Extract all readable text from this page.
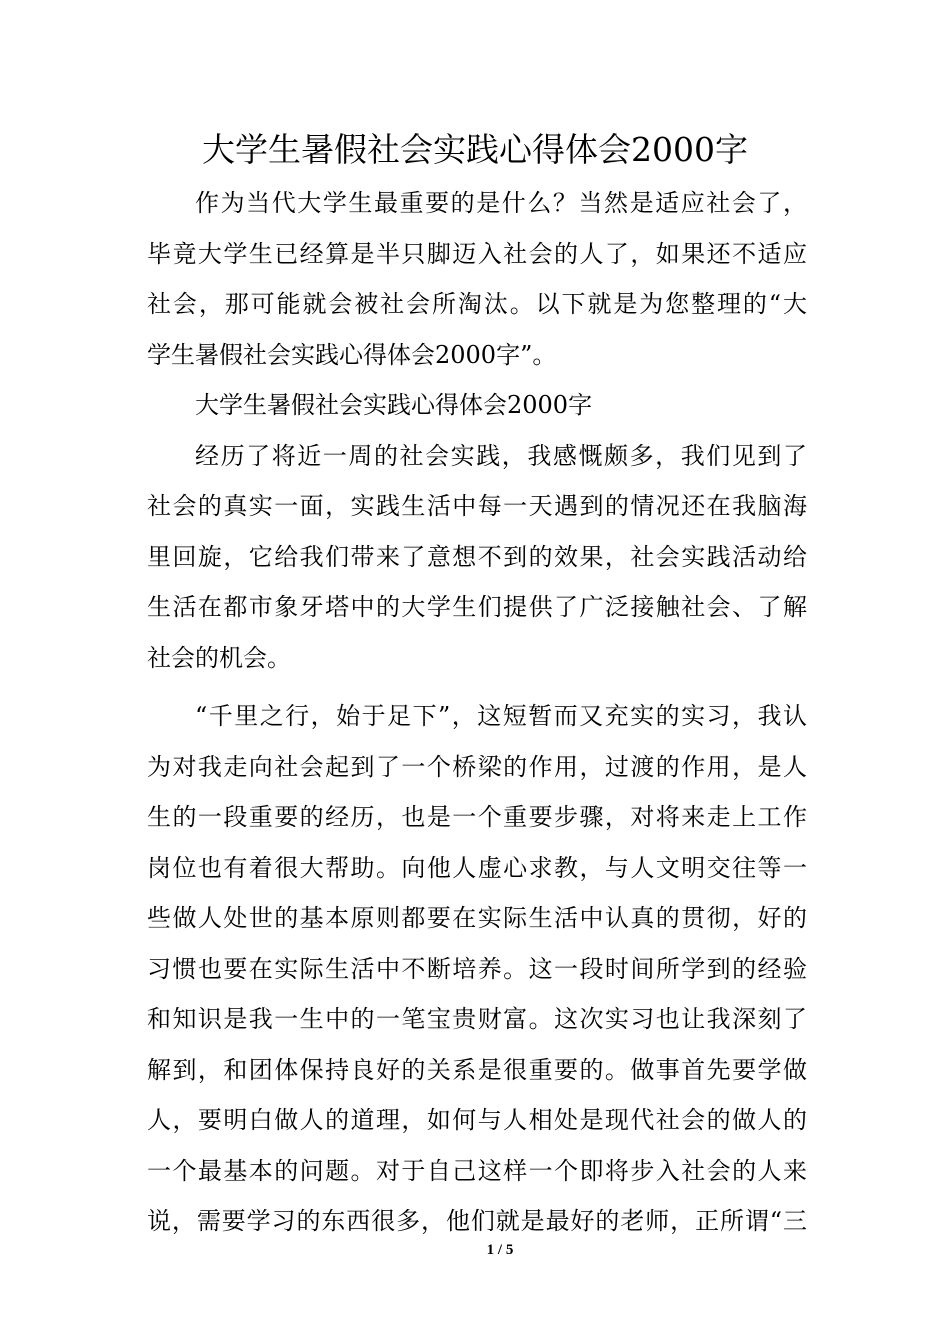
大学生暑假社会实践心得体会2000字
作为当代大学生最重要的是什么？当然是适应社会了，
毕竟大学生已经算是半只脚迈入社会的人了，如果还不适应
社会，那可能就会被社会所淘汰。以下就是为您整理的“大
学生暑假社会实践心得体会2000字”。
大学生暑假社会实践心得体会2000字
经历了将近一周的社会实践，我感慨颇多，我们见到了
社会的真实一面，实践生活中每一天遇到的情况还在我脑海
里回旋，它给我们带来了意想不到的效果，社会实践活动给
生活在都市象牙塔中的大学生们提供了广泛接触社会、了解
社会的机会。
“千里之行，始于足下”，这短暂而又充实的实习，我认
为对我走向社会起到了一个桥梁的作用，过渡的作用，是人
生的一段重要的经历，也是一个重要步骤，对将来走上工作
岗位也有着很大帮助。向他人虚心求教，与人文明交往等一
些做人处世的基本原则都要在实际生活中认真的贯彻，好的
习惯也要在实际生活中不断培养。这一段时间所学到的经验
和知识是我一生中的一笔宝贵财富。这次实习也让我深刻了
解到，和团体保持良好的关系是很重要的。做事首先要学做
人，要明白做人的道理，如何与人相处是现代社会的做人的
一个最基本的问题。对于自己这样一个即将步入社会的人来
说，需要学习的东西很多，他们就是最好的老师，正所谓“三
1 / 5
